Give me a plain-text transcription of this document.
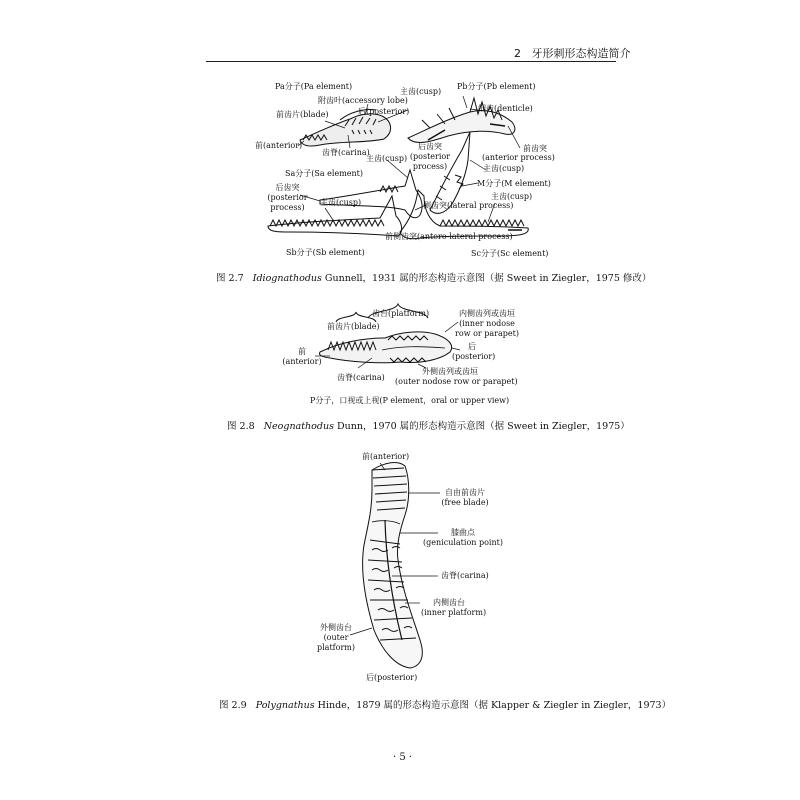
2 牙形刺形态构造简介
Pa分子(Pa element)
附齿叶(accessory lobe)
前齿片(blade)	后(posterior)
前(anterior)
齿脊(carina)
主齿(cusp)
Pb分子(Pb element)
细齿(denticle)
前齿突
(anterior process)
后齿突
(posterior
process)
主齿(cusp)
主齿(cusp)
Sa分子(Sa element)
M分子(M element)
后齿突
(posterior
process)
主齿(cusp)
主齿(cusp)	侧齿突(lateral process)
前侧齿突(antero-lateral process)
Sb分子(Sb element)	Sc分子(Sc element)
图 2.7 Idiognathodus Gunnell，1931 属的形态构造示意图（据 Sweet in Ziegler，1975 修改）
齿台(platform)
前齿片(blade)
内侧齿列或齿垣
(inner nodose
row or parapet)
前
(anterior)
后
(posterior)
齿脊(carina)
外侧齿列或齿垣
(outer nodose row or parapet)
P分子，口视或上视(P element，oral or upper view)
图 2.8 Neognathodus Dunn，1970 属的形态构造示意图（据 Sweet in Ziegler，1975）
前(anterior)
自由前齿片
(free blade)
膝曲点
(geniculation point)
齿脊(carina)
内侧齿台
(inner platform)
外侧齿台
(outer
platform)
后(posterior)
图 2.9 Polygnathus Hinde，1879 属的形态构造示意图（据 Klapper & Ziegler in Ziegler，1973）
· 5 ·
